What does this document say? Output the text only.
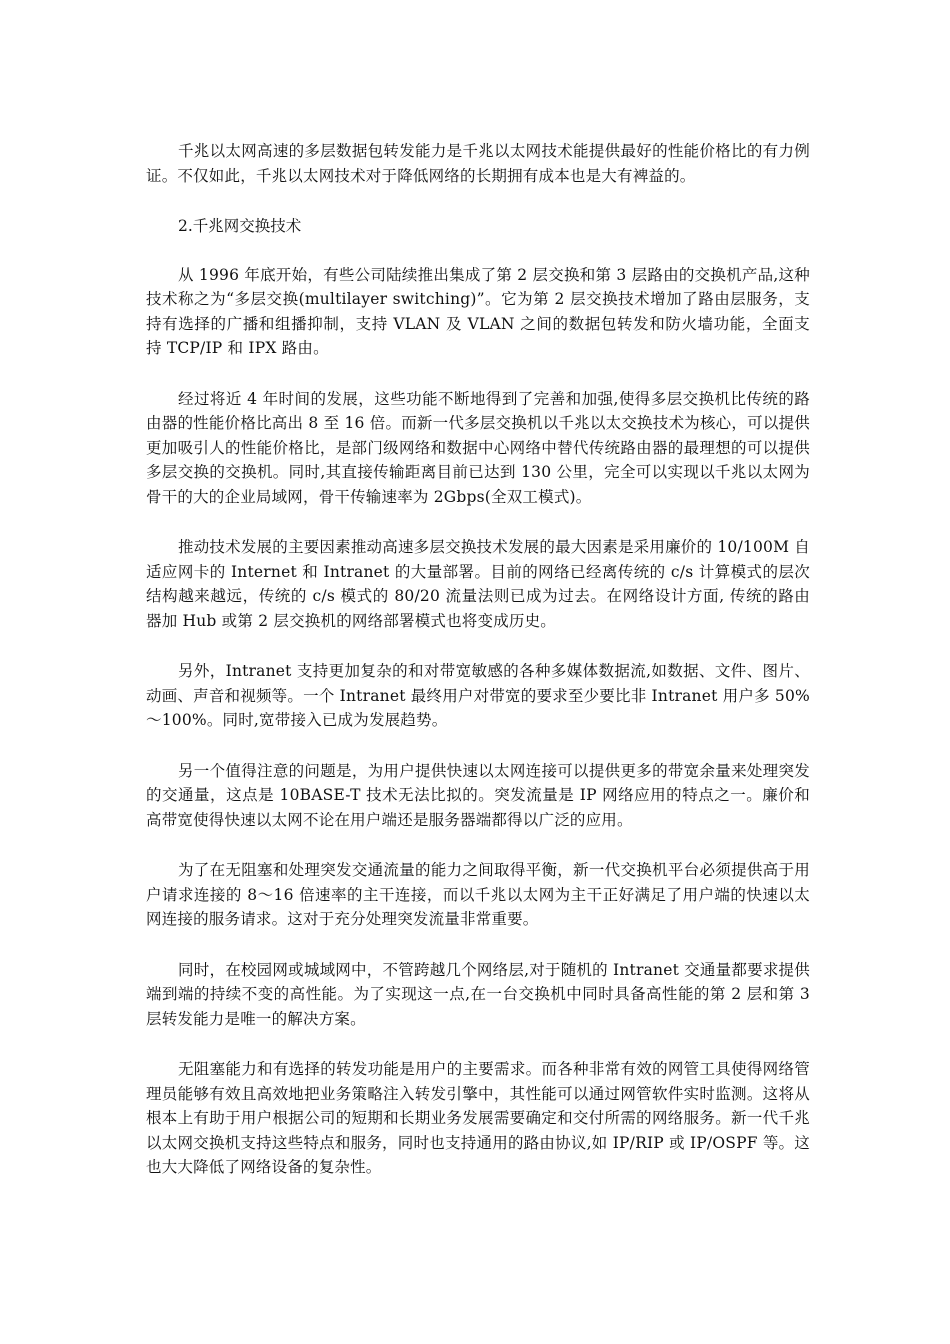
千兆以太网高速的多层数据包转发能力是千兆以太网技术能提供最好的性能价格比的有力例证。不仅如此，千兆以太网技术对于降低网络的长期拥有成本也是大有裨益的。

2.千兆网交换技术

从 1996 年底开始，有些公司陆续推出集成了第 2 层交换和第 3 层路由的交换机产品,这种技术称之为“多层交换(multilayer switching)”。它为第 2 层交换技术增加了路由层服务，支持有选择的广播和组播抑制，支持 VLAN 及 VLAN 之间的数据包转发和防火墙功能，全面支持 TCP/IP 和 IPX 路由。

经过将近 4 年时间的发展，这些功能不断地得到了完善和加强,使得多层交换机比传统的路由器的性能价格比高出 8 至 16 倍。而新一代多层交换机以千兆以太交换技术为核心，可以提供更加吸引人的性能价格比，是部门级网络和数据中心网络中替代传统路由器的最理想的可以提供多层交换的交换机。同时,其直接传输距离目前已达到 130 公里，完全可以实现以千兆以太网为骨干的大的企业局域网，骨干传输速率为 2Gbps(全双工模式)。

推动技术发展的主要因素推动高速多层交换技术发展的最大因素是采用廉价的 10/100M 自适应网卡的 Internet 和 Intranet 的大量部署。目前的网络已经离传统的 c/s 计算模式的层次结构越来越远，传统的 c/s 模式的 80/20 流量法则已成为过去。在网络设计方面, 传统的路由器加 Hub 或第 2 层交换机的网络部署模式也将变成历史。

另外，Intranet 支持更加复杂的和对带宽敏感的各种多媒体数据流,如数据、文件、图片、动画、声音和视频等。一个 Intranet 最终用户对带宽的要求至少要比非 Intranet 用户多 50%～100%。同时,宽带接入已成为发展趋势。

另一个值得注意的问题是，为用户提供快速以太网连接可以提供更多的带宽余量来处理突发的交通量，这点是 10BASE-T 技术无法比拟的。突发流量是 IP 网络应用的特点之一。廉价和高带宽使得快速以太网不论在用户端还是服务器端都得以广泛的应用。

为了在无阻塞和处理突发交通流量的能力之间取得平衡，新一代交换机平台必须提供高于用户请求连接的 8～16 倍速率的主干连接，而以千兆以太网为主干正好满足了用户端的快速以太网连接的服务请求。这对于充分处理突发流量非常重要。

同时，在校园网或城域网中，不管跨越几个网络层,对于随机的 Intranet 交通量都要求提供端到端的持续不变的高性能。为了实现这一点,在一台交换机中同时具备高性能的第 2 层和第 3 层转发能力是唯一的解决方案。

无阻塞能力和有选择的转发功能是用户的主要需求。而各种非常有效的网管工具使得网络管理员能够有效且高效地把业务策略注入转发引擎中，其性能可以通过网管软件实时监测。这将从根本上有助于用户根据公司的短期和长期业务发展需要确定和交付所需的网络服务。新一代千兆以太网交换机支持这些特点和服务，同时也支持通用的路由协议,如 IP/RIP 或 IP/OSPF 等。这也大大降低了网络设备的复杂性。
